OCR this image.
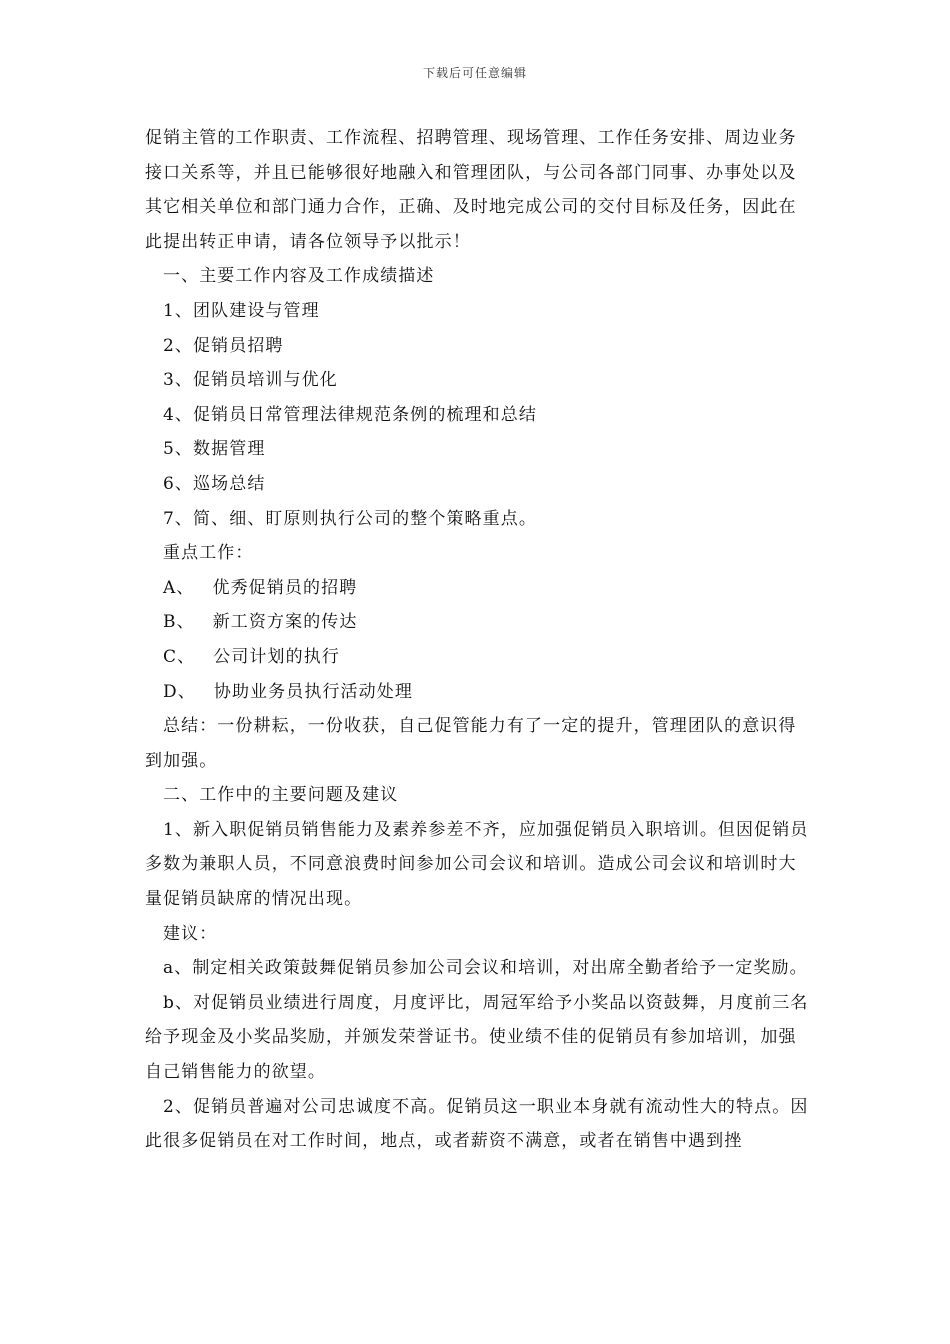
下载后可任意编辑

促销主管的工作职责、工作流程、招聘管理、现场管理、工作任务安排、周边业务接口关系等，并且已能够很好地融入和管理团队，与公司各部门同事、办事处以及其它相关单位和部门通力合作，正确、及时地完成公司的交付目标及任务，因此在此提出转正申请，请各位领导予以批示！

一、主要工作内容及工作成绩描述

1、团队建设与管理

2、促销员招聘

3、促销员培训与优化

4、促销员日常管理法律规范条例的梳理和总结

5、数据管理

6、巡场总结

7、简、细、盯原则执行公司的整个策略重点。

重点工作：

A、 优秀促销员的招聘

B、 新工资方案的传达

C、 公司计划的执行

D、 协助业务员执行活动处理

总结：一份耕耘，一份收获，自己促管能力有了一定的提升，管理团队的意识得到加强。

二、工作中的主要问题及建议

1、新入职促销员销售能力及素养参差不齐，应加强促销员入职培训。但因促销员多数为兼职人员，不同意浪费时间参加公司会议和培训。造成公司会议和培训时大量促销员缺席的情况出现。

建议：

a、制定相关政策鼓舞促销员参加公司会议和培训，对出席全勤者给予一定奖励。

b、对促销员业绩进行周度，月度评比，周冠军给予小奖品以资鼓舞，月度前三名给予现金及小奖品奖励，并颁发荣誉证书。使业绩不佳的促销员有参加培训，加强自己销售能力的欲望。

2、促销员普遍对公司忠诚度不高。促销员这一职业本身就有流动性大的特点。因此很多促销员在对工作时间，地点，或者薪资不满意，或者在销售中遇到挫
